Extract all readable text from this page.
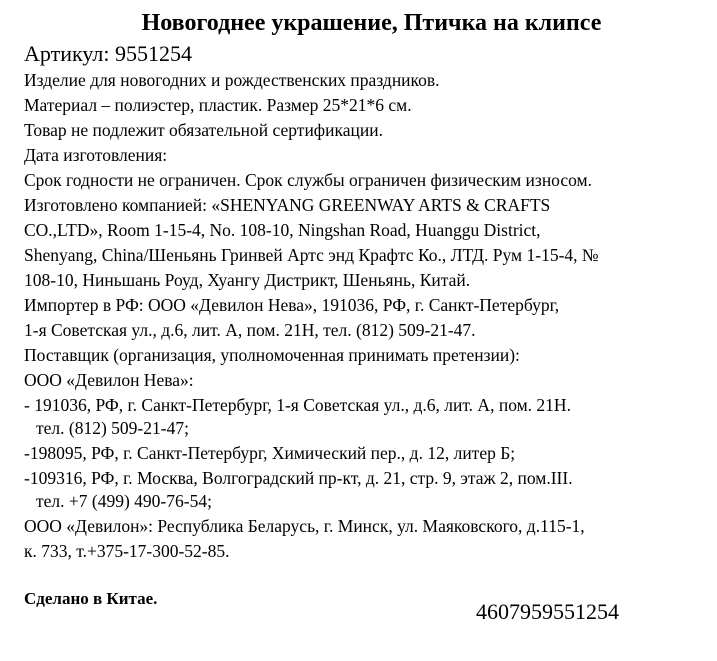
Новогоднее украшение, Птичка на клипсе
Артикул: 9551254
Изделие для новогодних и рождественских праздников.
Материал – полиэстер, пластик. Размер 25*21*6 см.
Товар не подлежит обязательной сертификации.
Дата изготовления:
Срок годности не ограничен. Срок службы ограничен физическим износом.
Изготовлено компанией: «SHENYANG GREENWAY ARTS & CRAFTS
CO.,LTD», Room 1-15-4, No. 108-10, Ningshan Road, Huanggu District,
Shenyang, China/Шеньянь Гринвей Артс энд Крафтс Ко., ЛТД. Рум 1-15-4, №
108-10, Ниньшань Роуд, Хуангу Дистрикт, Шеньянь, Китай.
Импортер в РФ: ООО «Девилон Нева», 191036, РФ, г. Санкт-Петербург,
1-я Советская ул., д.6, лит. А, пом. 21Н, тел. (812) 509-21-47.
Поставщик (организация, уполномоченная принимать претензии):
ООО «Девилон Нева»:
- 191036, РФ, г. Санкт-Петербург, 1-я Советская ул., д.6, лит. А, пом. 21Н.
тел. (812) 509-21-47;
-198095, РФ, г. Санкт-Петербург, Химический пер., д. 12, литер Б;
-109316, РФ, г. Москва, Волгоградский пр-кт, д. 21, стр. 9, этаж 2, пом.III.
тел. +7 (499) 490-76-54;
ООО «Девилон»: Республика Беларусь, г. Минск, ул. Маяковского, д.115-1,
к. 733, т.+375-17-300-52-85.
Сделано в Китае.
4607959551254
